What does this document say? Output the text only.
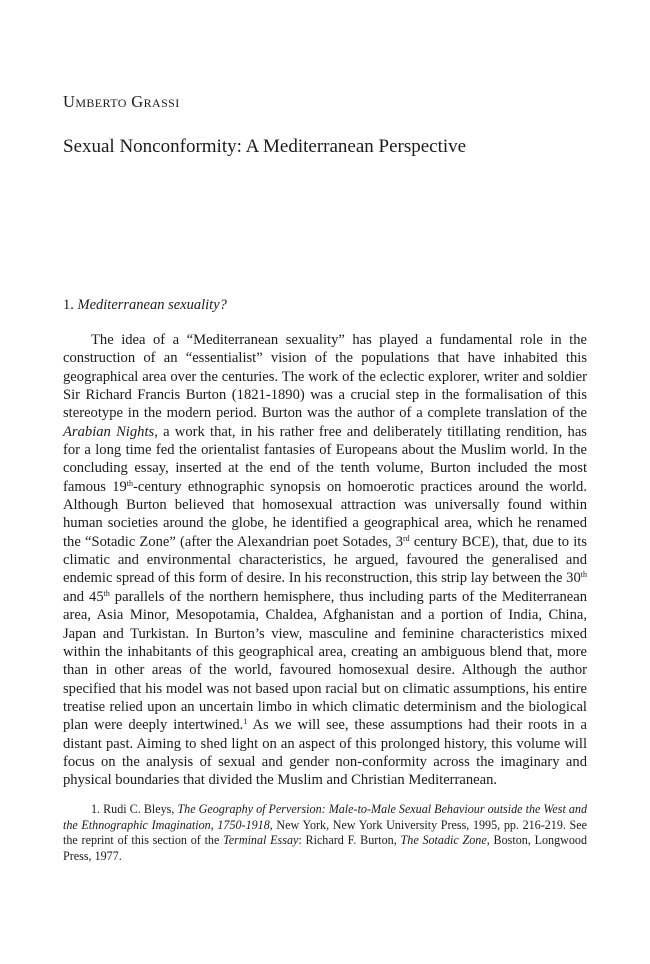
Umberto Grassi
Sexual Nonconformity: A Mediterranean Perspective
1. Mediterranean sexuality?

The idea of a “Mediterranean sexuality” has played a fundamental role in the construction of an “essentialist” vision of the populations that have inhabited this geographical area over the centuries. The work of the eclectic explorer, writer and soldier Sir Richard Francis Burton (1821-1890) was a crucial step in the formalisation of this stereotype in the modern period. Burton was the author of a complete translation of the Arabian Nights, a work that, in his rather free and deliberately titillating rendition, has for a long time fed the orientalist fantasies of Europeans about the Muslim world. In the concluding essay, inserted at the end of the tenth volume, Burton included the most famous 19th-century ethnographic synopsis on homoerotic practices around the world. Although Burton believed that homosexual attraction was universally found within human societies around the globe, he identified a geographical area, which he renamed the “Sotadic Zone” (after the Alexandrian poet Sotades, 3rd century BCE), that, due to its climatic and environmental characteristics, he argued, favoured the generalised and endemic spread of this form of desire. In his reconstruction, this strip lay between the 30th and 45th parallels of the northern hemisphere, thus including parts of the Mediterranean area, Asia Minor, Mesopotamia, Chaldea, Afghanistan and a portion of India, China, Japan and Turkistan. In Burton’s view, masculine and feminine characteristics mixed within the inhabitants of this geographical area, creating an ambiguous blend that, more than in other areas of the world, favoured homosexual desire. Although the author specified that his model was not based upon racial but on climatic assumptions, his entire treatise relied upon an uncertain limbo in which climatic determinism and the biological plan were deeply intertwined.$^1$ As we will see, these assumptions had their roots in a distant past. Aiming to shed light on an aspect of this prolonged history, this volume will focus on the analysis of sexual and gender non-conformity across the imaginary and physical boundaries that divided the Muslim and Christian Mediterranean.

1. Rudi C. Bleys, The Geography of Perversion: Male-to-Male Sexual Behaviour outside the West and the Ethnographic Imagination, 1750-1918, New York, New York University Press, 1995, pp. 216-219. See the reprint of this section of the Terminal Essay: Richard F. Burton, The Sotadic Zone, Boston, Longwood Press, 1977.
